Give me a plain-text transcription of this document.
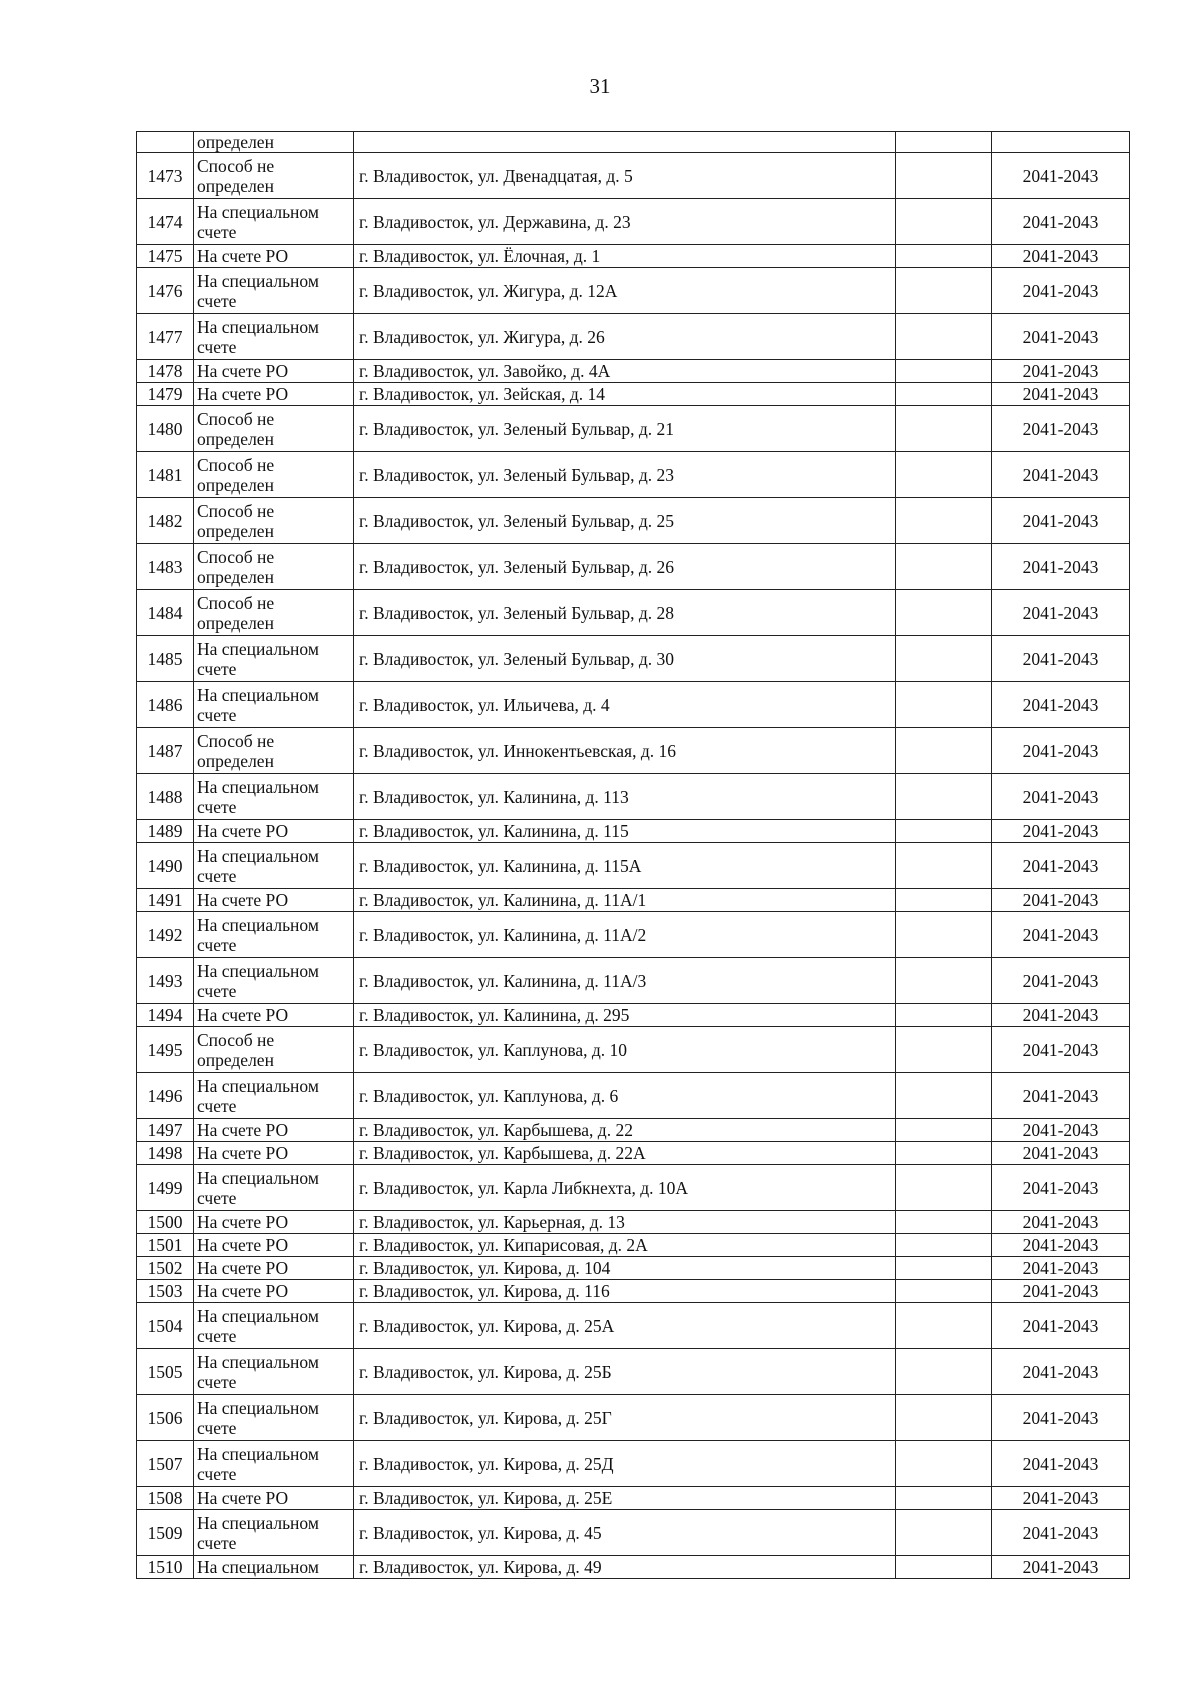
31
	определен			
1473	Способ не определен	г. Владивосток, ул. Двенадцатая, д. 5		2041-2043
1474	На специальном счете	г. Владивосток, ул. Державина, д. 23		2041-2043
1475	На счете РО	г. Владивосток, ул. Ёлочная, д. 1		2041-2043
1476	На специальном счете	г. Владивосток, ул. Жигура, д. 12А		2041-2043
1477	На специальном счете	г. Владивосток, ул. Жигура, д. 26		2041-2043
1478	На счете РО	г. Владивосток, ул. Завойко, д. 4А		2041-2043
1479	На счете РО	г. Владивосток, ул. Зейская, д. 14		2041-2043
1480	Способ не определен	г. Владивосток, ул. Зеленый Бульвар, д. 21		2041-2043
1481	Способ не определен	г. Владивосток, ул. Зеленый Бульвар, д. 23		2041-2043
1482	Способ не определен	г. Владивосток, ул. Зеленый Бульвар, д. 25		2041-2043
1483	Способ не определен	г. Владивосток, ул. Зеленый Бульвар, д. 26		2041-2043
1484	Способ не определен	г. Владивосток, ул. Зеленый Бульвар, д. 28		2041-2043
1485	На специальном счете	г. Владивосток, ул. Зеленый Бульвар, д. 30		2041-2043
1486	На специальном счете	г. Владивосток, ул. Ильичева, д. 4		2041-2043
1487	Способ не определен	г. Владивосток, ул. Иннокентьевская, д. 16		2041-2043
1488	На специальном счете	г. Владивосток, ул. Калинина, д. 113		2041-2043
1489	На счете РО	г. Владивосток, ул. Калинина, д. 115		2041-2043
1490	На специальном счете	г. Владивосток, ул. Калинина, д. 115А		2041-2043
1491	На счете РО	г. Владивосток, ул. Калинина, д. 11А/1		2041-2043
1492	На специальном счете	г. Владивосток, ул. Калинина, д. 11А/2		2041-2043
1493	На специальном счете	г. Владивосток, ул. Калинина, д. 11А/3		2041-2043
1494	На счете РО	г. Владивосток, ул. Калинина, д. 295		2041-2043
1495	Способ не определен	г. Владивосток, ул. Каплунова, д. 10		2041-2043
1496	На специальном счете	г. Владивосток, ул. Каплунова, д. 6		2041-2043
1497	На счете РО	г. Владивосток, ул. Карбышева, д. 22		2041-2043
1498	На счете РО	г. Владивосток, ул. Карбышева, д. 22А		2041-2043
1499	На специальном счете	г. Владивосток, ул. Карла Либкнехта, д. 10А		2041-2043
1500	На счете РО	г. Владивосток, ул. Карьерная, д. 13		2041-2043
1501	На счете РО	г. Владивосток, ул. Кипарисовая, д. 2А		2041-2043
1502	На счете РО	г. Владивосток, ул. Кирова, д. 104		2041-2043
1503	На счете РО	г. Владивосток, ул. Кирова, д. 116		2041-2043
1504	На специальном счете	г. Владивосток, ул. Кирова, д. 25А		2041-2043
1505	На специальном счете	г. Владивосток, ул. Кирова, д. 25Б		2041-2043
1506	На специальном счете	г. Владивосток, ул. Кирова, д. 25Г		2041-2043
1507	На специальном счете	г. Владивосток, ул. Кирова, д. 25Д		2041-2043
1508	На счете РО	г. Владивосток, ул. Кирова, д. 25Е		2041-2043
1509	На специальном счете	г. Владивосток, ул. Кирова, д. 45		2041-2043
1510	На специальном	г. Владивосток, ул. Кирова, д. 49		2041-2043
